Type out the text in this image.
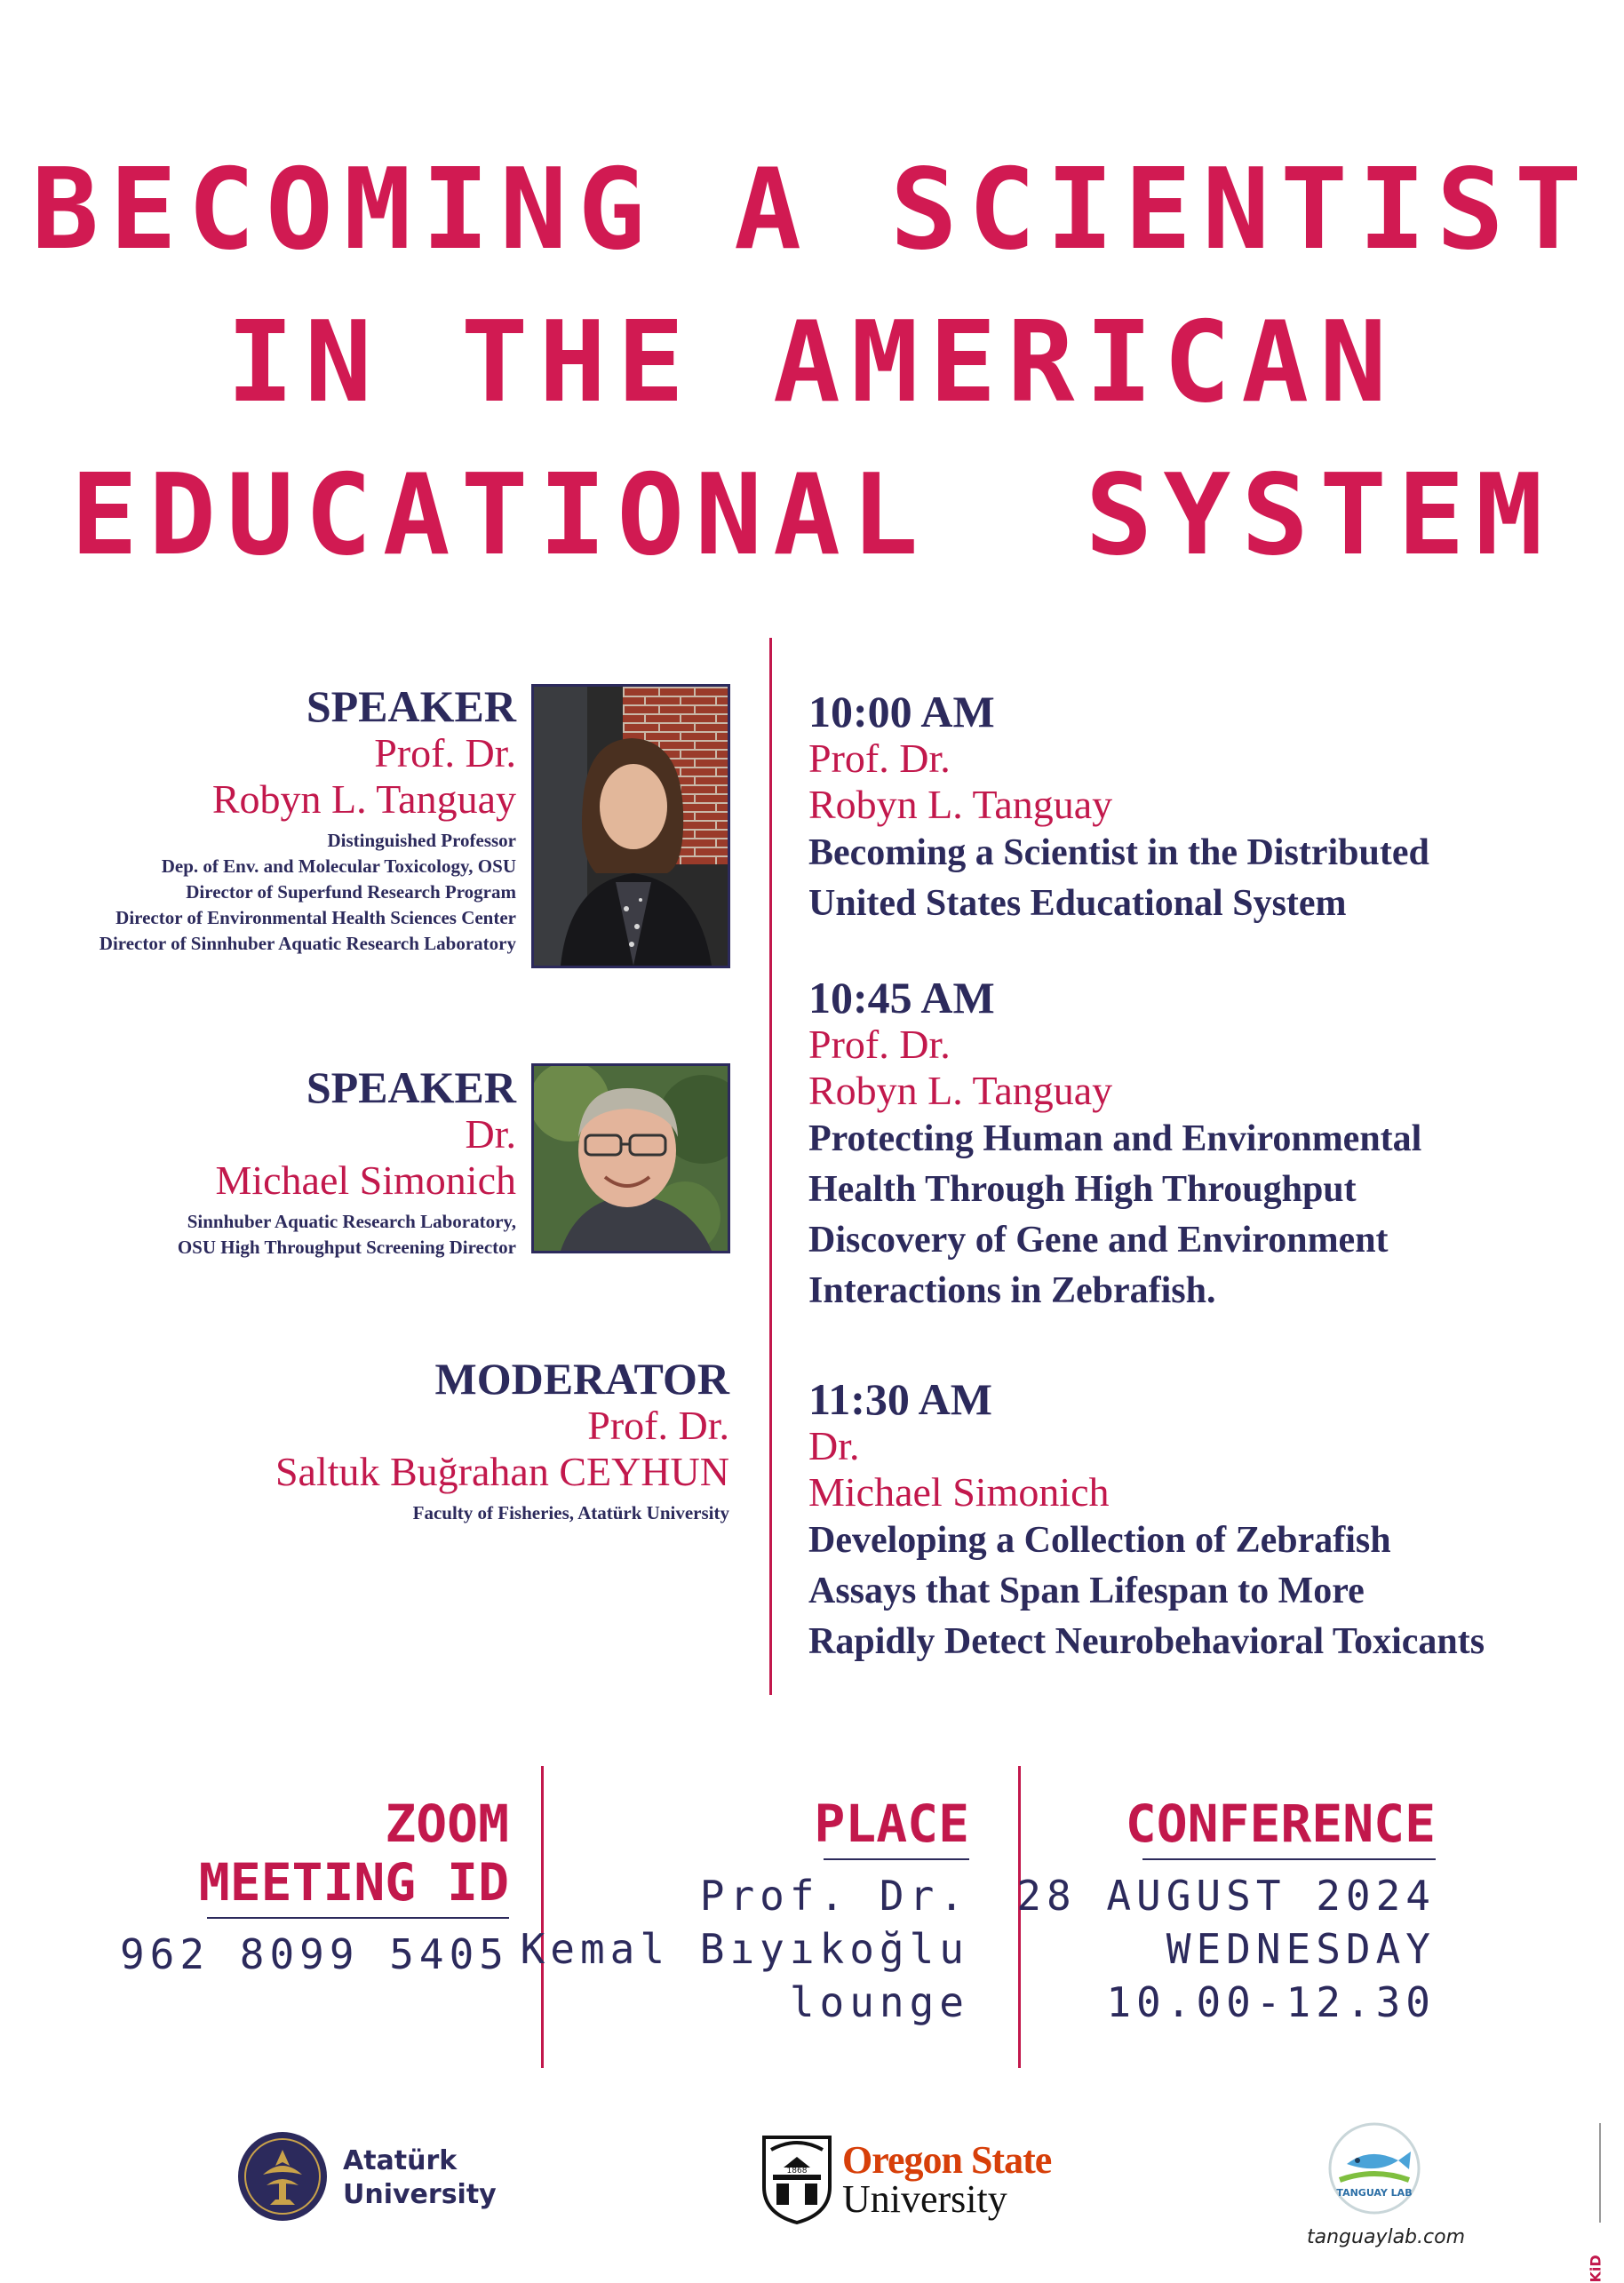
BECOMING A SCIENTIST
IN THE AMERICAN
EDUCATIONAL  SYSTEM
SPEAKER
Prof. Dr.
Robyn L. Tanguay
Distinguished Professor
Dep. of Env. and Molecular Toxicology, OSU
Director of Superfund Research Program
Director of Environmental Health Sciences Center
Director of Sinnhuber Aquatic Research Laboratory
SPEAKER
Dr.
Michael Simonich
Sinnhuber Aquatic Research Laboratory,
OSU High Throughput Screening Director
MODERATOR
Prof. Dr.
Saltuk Buğrahan CEYHUN
Faculty of Fisheries, Atatürk University
10:00 AM
Prof. Dr.
Robyn L. Tanguay
Becoming a Scientist in the Distributed
United States Educational System
10:45 AM
Prof. Dr.
Robyn L. Tanguay
Protecting Human and Environmental
Health Through High Throughput
Discovery of Gene and Environment
Interactions in Zebrafish.
11:30 AM
Dr.
Michael Simonich
Developing a Collection of Zebrafish
Assays that Span Lifespan to More
Rapidly Detect Neurobehavioral Toxicants
ZOOM
MEETING ID
962 8099 5405
PLACE
Prof. Dr.
Kemal Bıyıkoğlu
lounge
CONFERENCE
28 AUGUST 2024
WEDNESDAY
10.00-12.30
Atatürk
University
1868 Oregon State
University	TANGUAY LAB
tanguaylab.com
KiD
